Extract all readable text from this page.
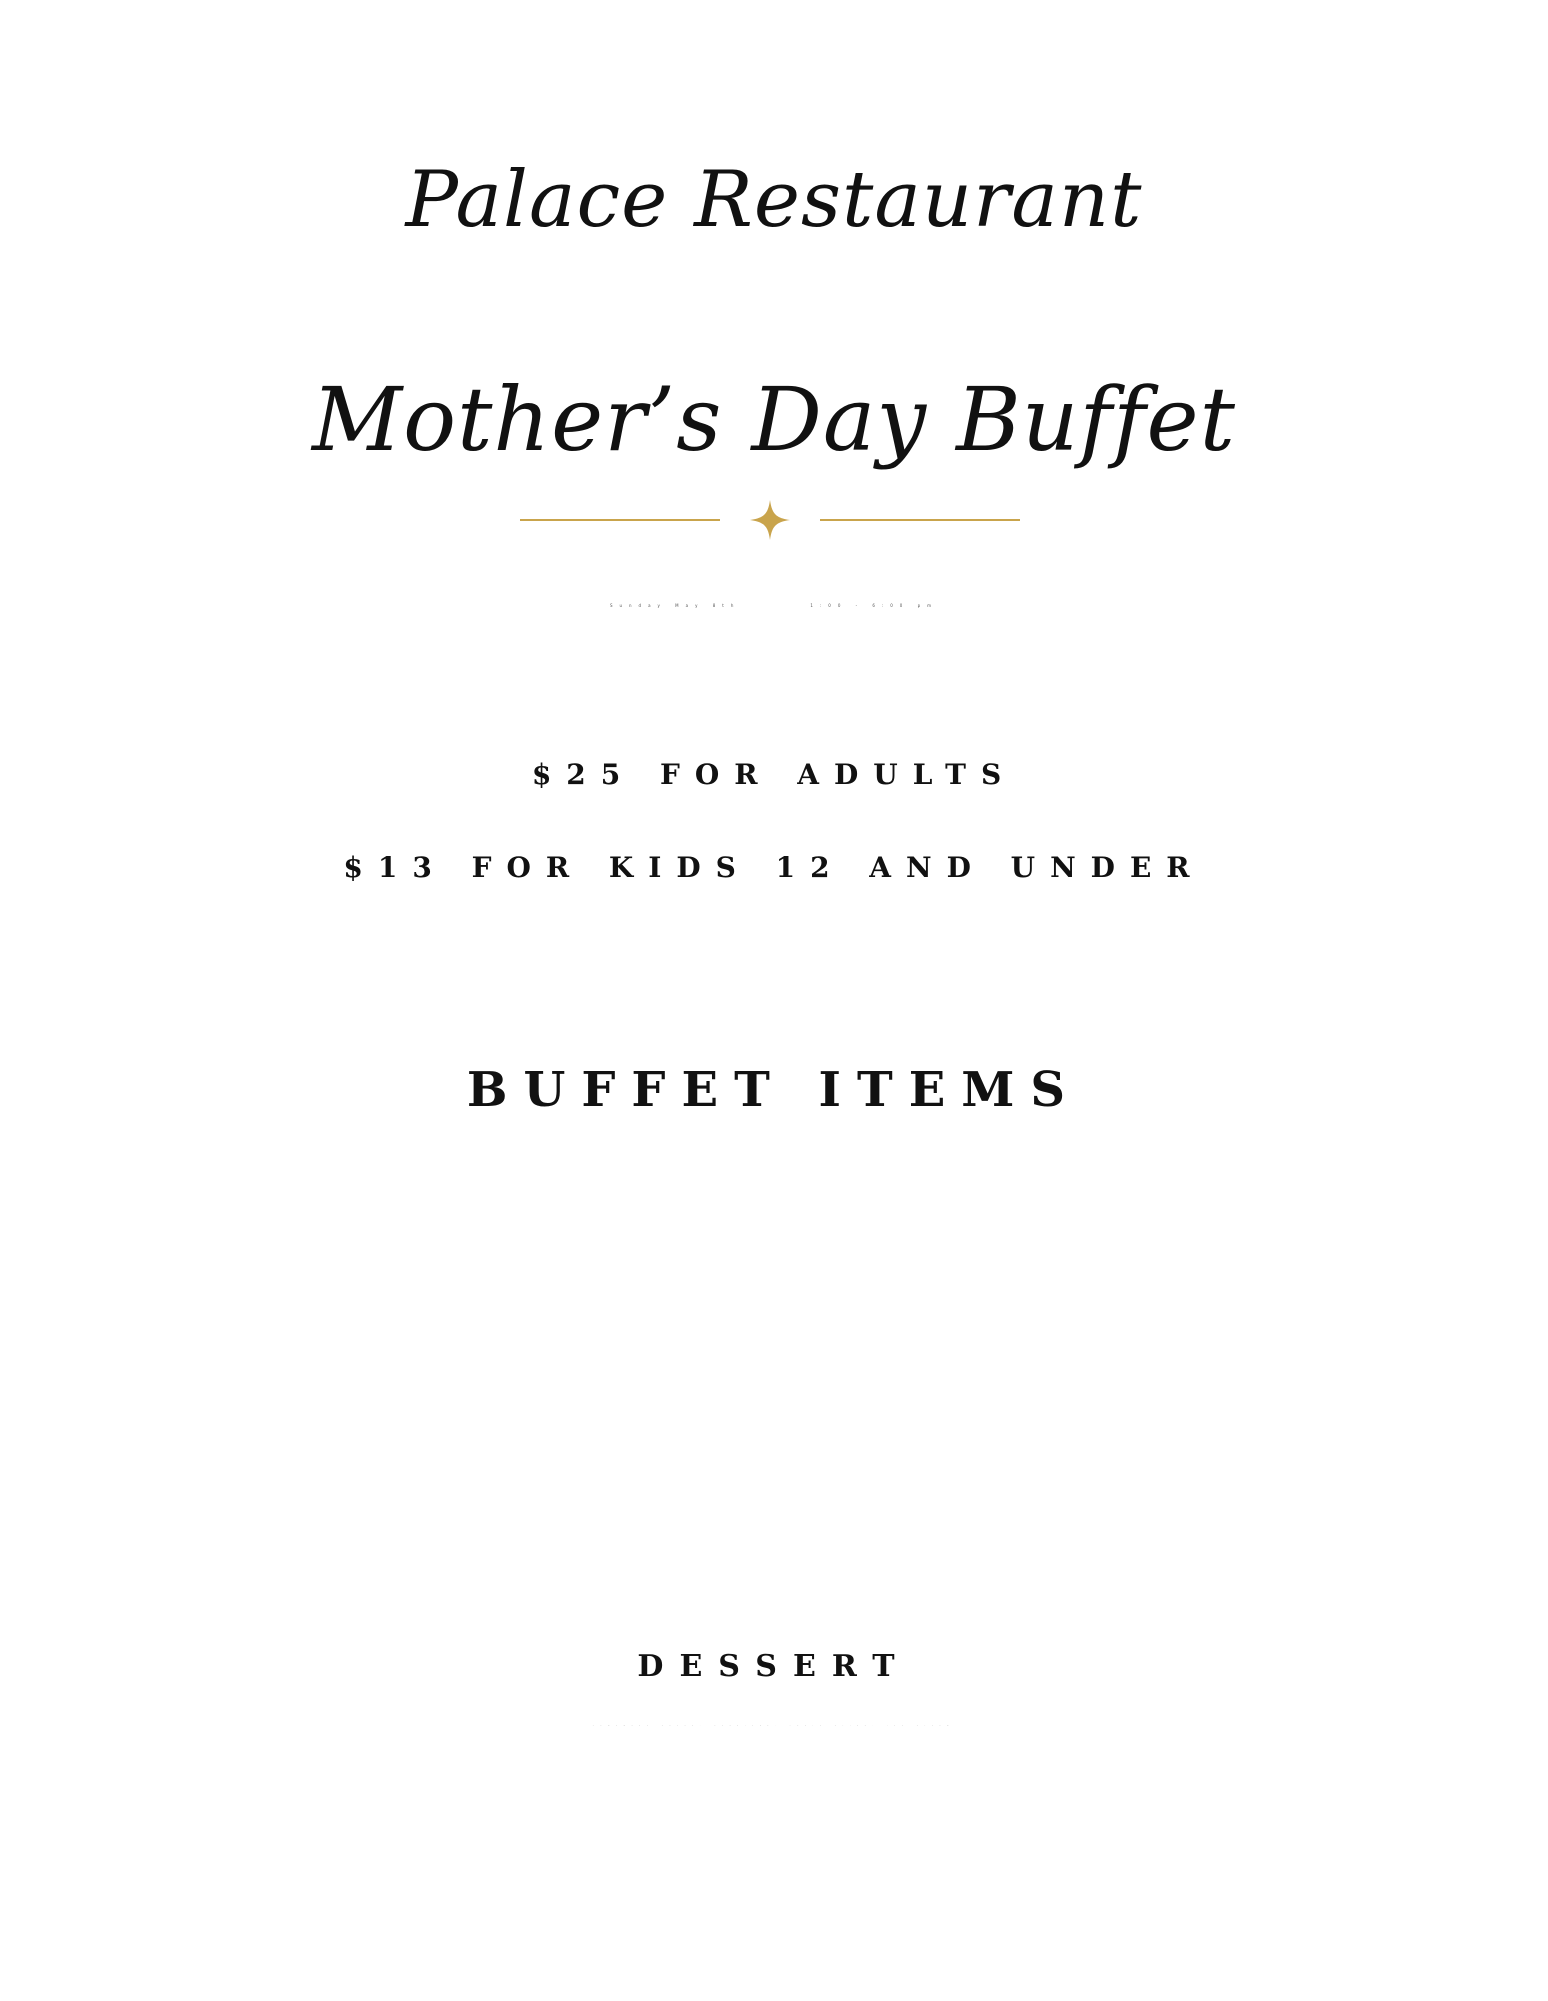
Palace Restaurant
Mother’s Day Buffet
Sunday May 8th	1:00 - 6:00 pm
$25 FOR ADULTS
$13 FOR KIDS 12 AND UNDER
BUFFET ITEMS
DESSERT
Homemade Cakes, Puddings, Apple Crisp, Ice Cream
